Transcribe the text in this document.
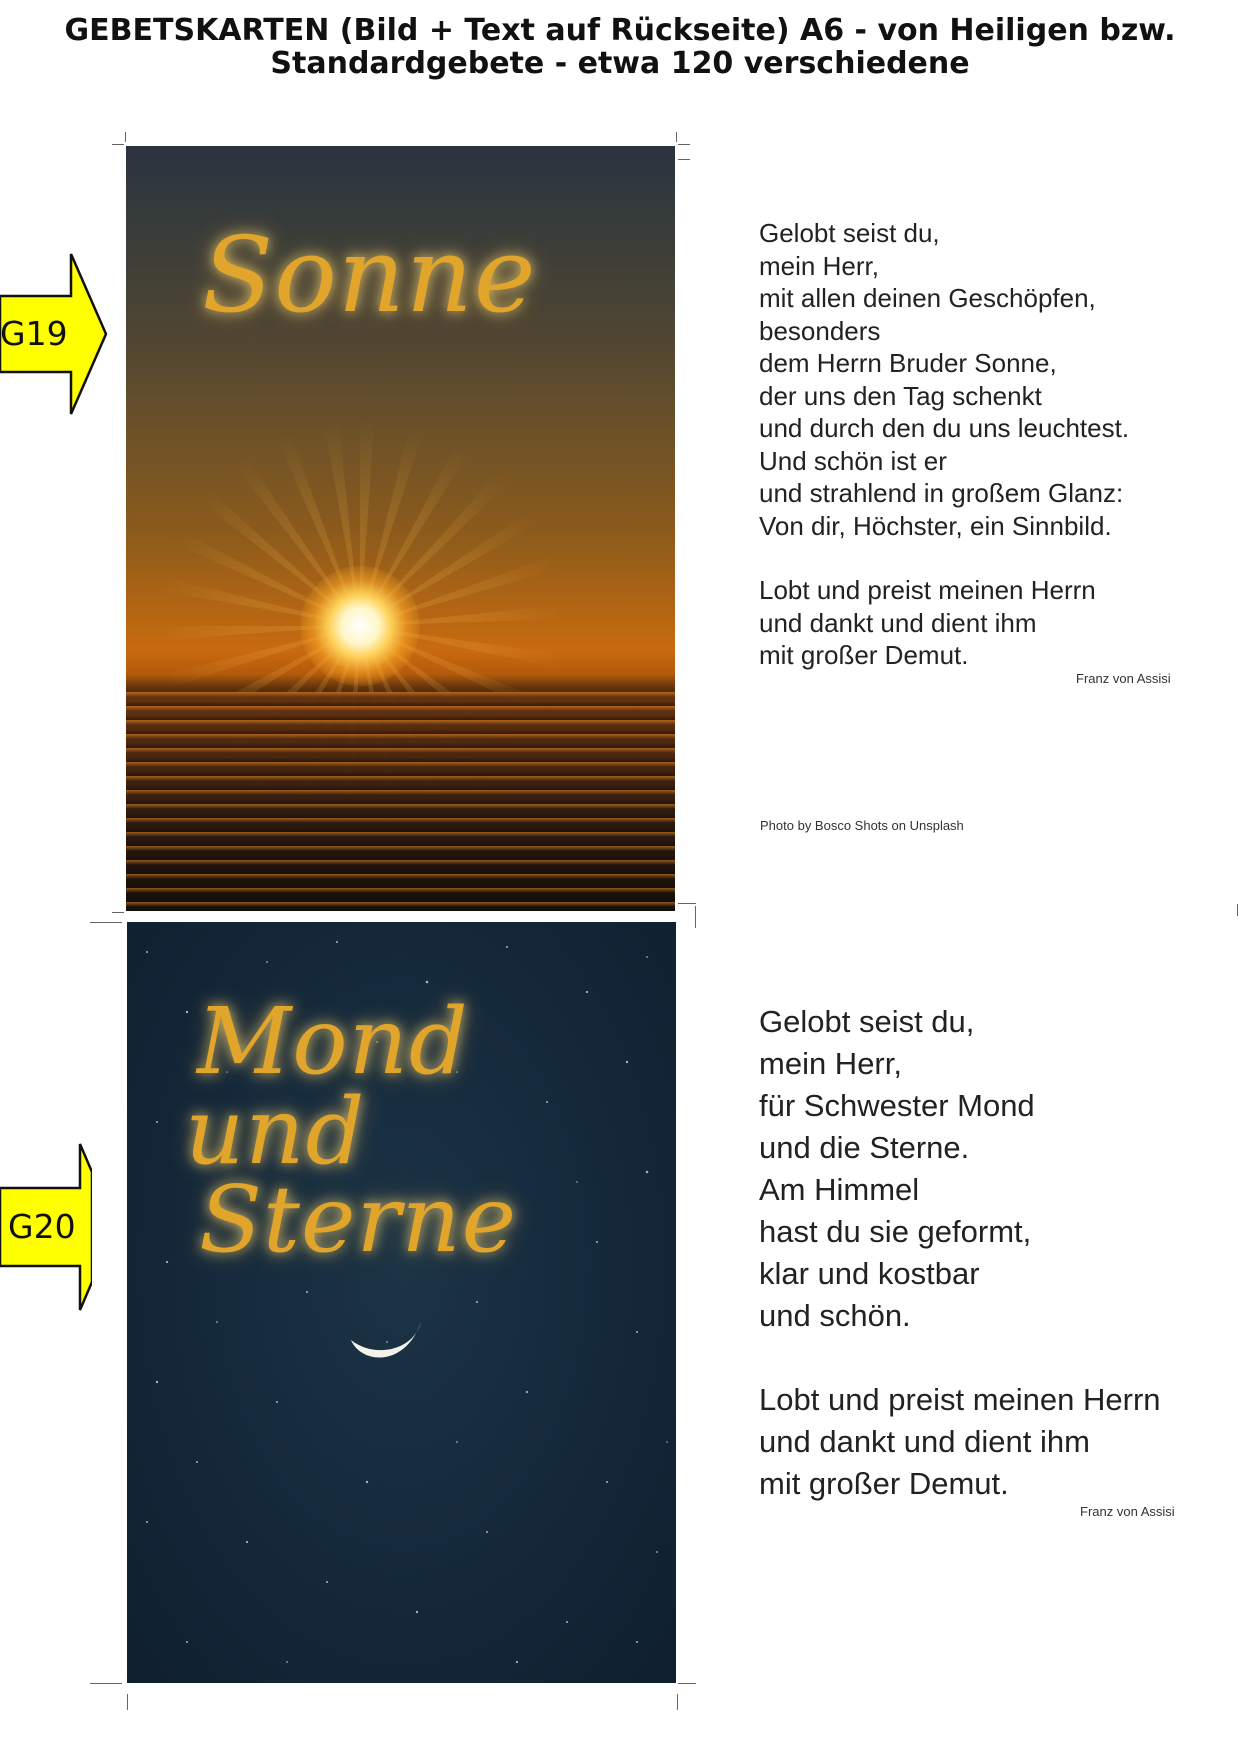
GEBETSKARTEN (Bild + Text auf Rückseite) A6 - von Heiligen bzw.
Standardgebete - etwa 120 verschiedene
G19
G20
Sonne	Gelobt seist du,
mein Herr,
mit allen deinen Geschöpfen,
besonders
dem Herrn Bruder Sonne,
der uns den Tag schenkt
und durch den du uns leuchtest.
Und schön ist er
und strahlend in großem Glanz:
Von dir, Höchster, ein Sinnbild.
Lobt und preist meinen Herrn
und dankt und dient ihm
mit großer Demut.
Franz von Assisi
Photo by Bosco Shots on Unsplash
Mond
und
Sterne
Gelobt seist du,
mein Herr,
für Schwester Mond
und die Sterne.
Am Himmel
hast du sie geformt,
klar und kostbar
und schön.
Lobt und preist meinen Herrn
und dankt und dient ihm
mit großer Demut.
Franz von Assisi
